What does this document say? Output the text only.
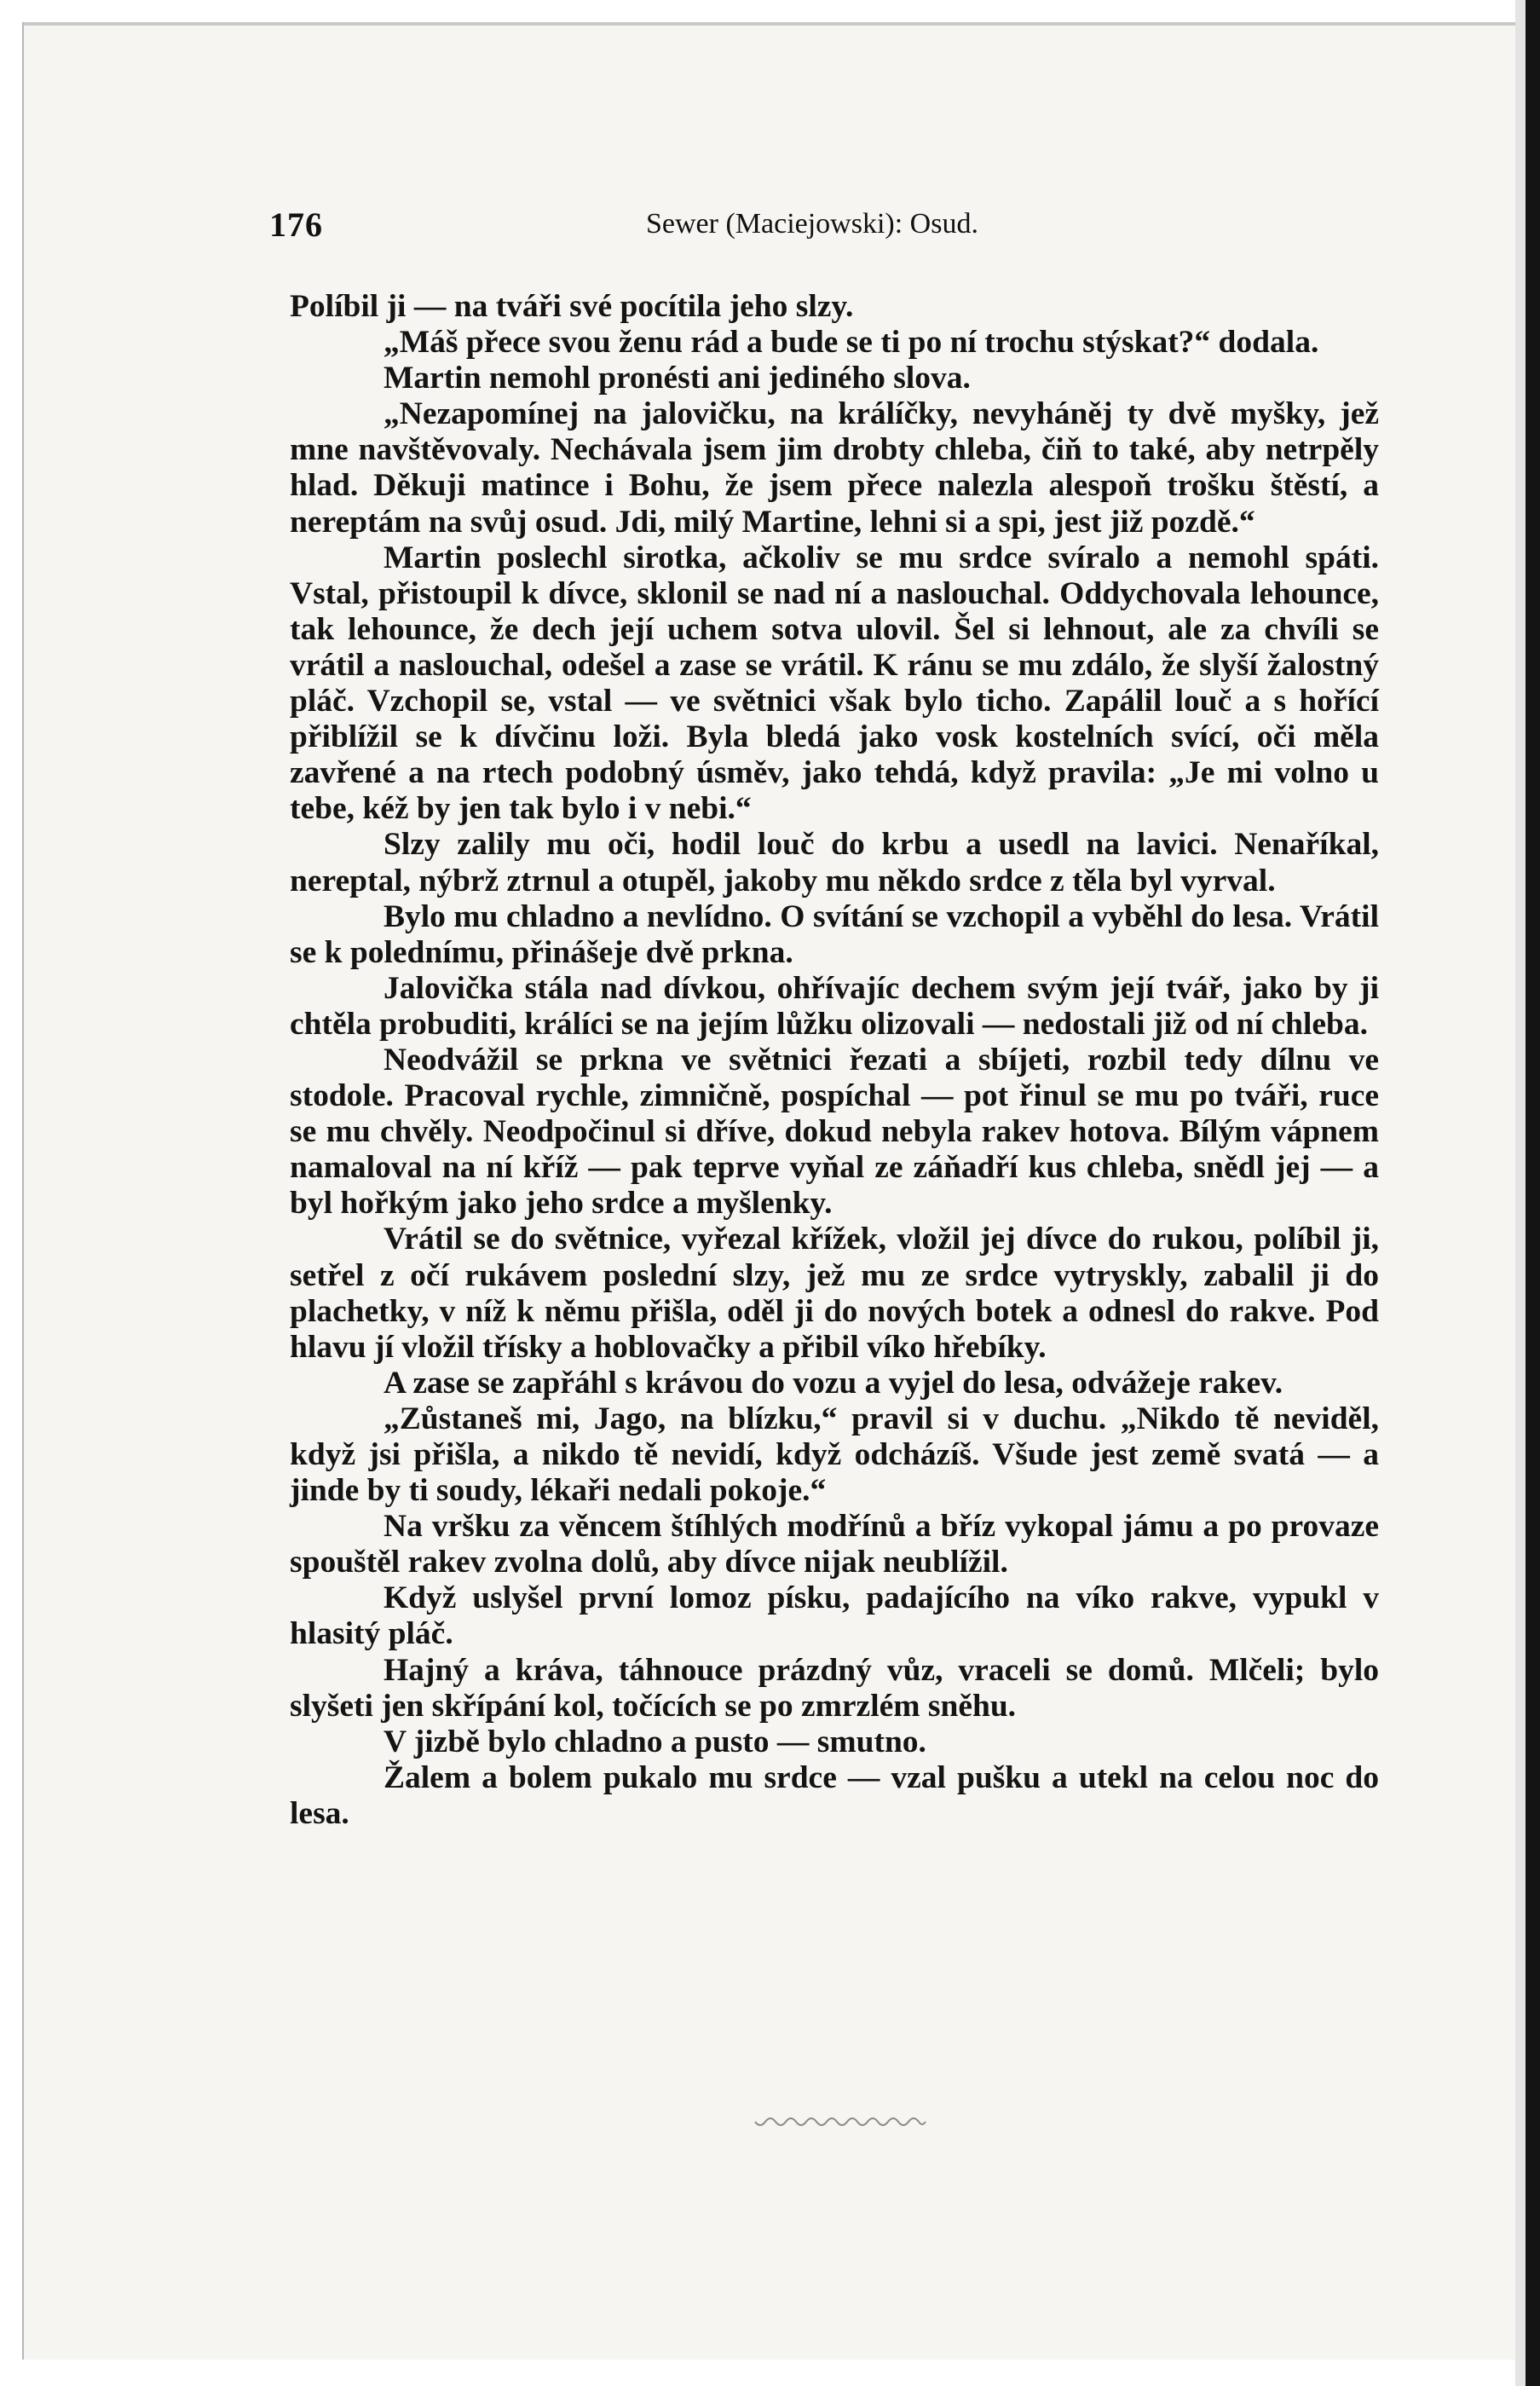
176	Sewer (Maciejowski): Osud.

Políbil ji — na tváři své pocítila jeho slzy.

„Máš přece svou ženu rád a bude se ti po ní trochu stýskat?“ dodala.

Martin nemohl pronésti ani jediného slova.

„Nezapomínej na jalovičku, na králíčky, nevyháněj ty dvě myšky, jež mne navštěvovaly. Nechávala jsem jim drobty chleba, čiň to také, aby netrpěly hlad. Děkuji matince i Bohu, že jsem přece nalezla alespoň trošku štěstí, a nereptám na svůj osud. Jdi, milý Martine, lehni si a spi, jest již pozdě.“

Martin poslechl sirotka, ačkoliv se mu srdce svíralo a nemohl spáti. Vstal, přistoupil k dívce, sklonil se nad ní a naslouchal. Oddychovala lehounce, tak lehounce, že dech její uchem sotva ulovil. Šel si lehnout, ale za chvíli se vrátil a naslouchal, odešel a zase se vrátil. K ránu se mu zdálo, že slyší žalostný pláč. Vzchopil se, vstal — ve světnici však bylo ticho. Zapálil louč a s hořící přiblížil se k dívčinu loži. Byla bledá jako vosk kostelních svící, oči měla zavřené a na rtech podobný úsměv, jako tehdá, když pravila: „Je mi volno u tebe, kéž by jen tak bylo i v nebi.“

Slzy zalily mu oči, hodil louč do krbu a usedl na lavici. Nenaříkal, nereptal, nýbrž ztrnul a otupěl, jakoby mu někdo srdce z těla byl vyrval.

Bylo mu chladno a nevlídno. O svítání se vzchopil a vyběhl do lesa. Vrátil se k polednímu, přinášeje dvě prkna.

Jalovička stála nad dívkou, ohřívajíc dechem svým její tvář, jako by ji chtěla probuditi, králíci se na jejím lůžku olizovali — nedostali již od ní chleba.

Neodvážil se prkna ve světnici řezati a sbíjeti, rozbil tedy dílnu ve stodole. Pracoval rychle, zimničně, pospíchal — pot řinul se mu po tváři, ruce se mu chvěly. Neodpočinul si dříve, dokud nebyla rakev hotova. Bílým vápnem namaloval na ní kříž — pak teprve vyňal ze záňadří kus chleba, snědl jej — a byl hořkým jako jeho srdce a myšlenky.

Vrátil se do světnice, vyřezal křížek, vložil jej dívce do rukou, políbil ji, setřel z očí rukávem poslední slzy, jež mu ze srdce vytryskly, zabalil ji do plachetky, v níž k němu přišla, oděl ji do nových botek a odnesl do rakve. Pod hlavu jí vložil třísky a hoblovačky a přibil víko hřebíky.

A zase se zapřáhl s krávou do vozu a vyjel do lesa, odvážeje rakev.

„Zůstaneš mi, Jago, na blízku,“ pravil si v duchu. „Nikdo tě neviděl, když jsi přišla, a nikdo tě nevidí, když odcházíš. Všude jest země svatá — a jinde by ti soudy, lékaři nedali pokoje.“

Na vršku za věncem štíhlých modřínů a bříz vykopal jámu a po provaze spouštěl rakev zvolna dolů, aby dívce nijak neublížil.

Když uslyšel první lomoz písku, padajícího na víko rakve, vypukl v hlasitý pláč.

Hajný a kráva, táhnouce prázdný vůz, vraceli se domů. Mlčeli; bylo slyšeti jen skřípání kol, točících se po zmrzlém sněhu.

V jizbě bylo chladno a pusto — smutno.

Žalem a bolem pukalo mu srdce — vzal pušku a utekl na celou noc do lesa.
